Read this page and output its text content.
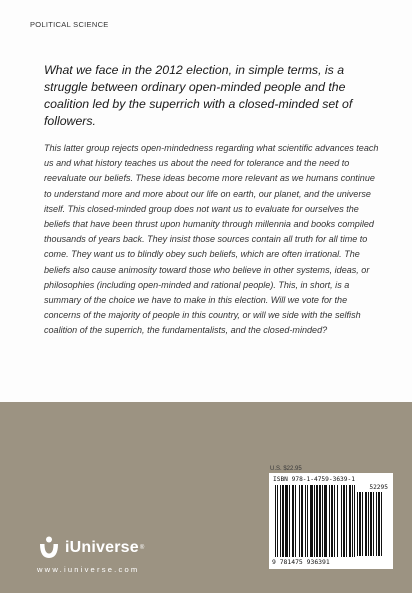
POLITICAL SCIENCE

What we face in the 2012 election, in simple terms, is a struggle between ordinary open-minded people and the coalition led by the superrich with a closed-minded set of followers.

This latter group rejects open-mindedness regarding what scientific advances teach us and what history teaches us about the need for tolerance and the need to reevaluate our beliefs. These ideas become more relevant as we humans continue to understand more and more about our life on earth, our planet, and the universe itself. This closed-minded group does not want us to evaluate for ourselves the beliefs that have been thrust upon humanity through millennia and books compiled thousands of years back. They insist those sources contain all truth for all time to come. They want us to blindly obey such beliefs, which are often irrational. The beliefs also cause animosity toward those who believe in other systems, ideas, or philosophies (including open-minded and rational people). This, in short, is a summary of the choice we have to make in this election. Will we vote for the concerns of the majority of people in this country, or will we side with the selfish coalition of the superrich, the fundamentalists, and the closed-minded?

U.S. $22.95
ISBN 978-1-4759-3639-1
52295
9 781475 936391
iUniverse ®
www.iuniverse.com
